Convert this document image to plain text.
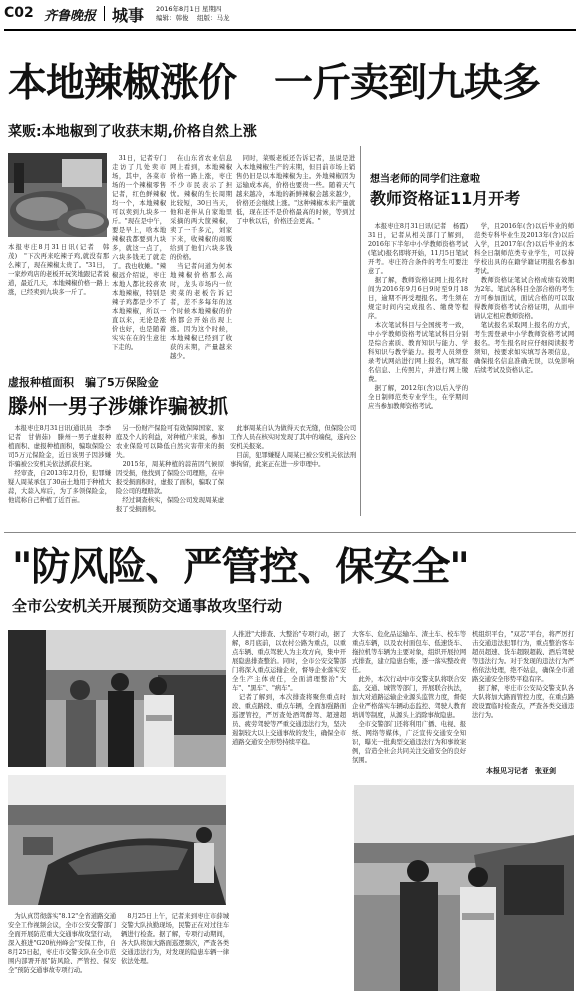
C02 齐鲁晚报 城事 2016年8月1日 星期四
编辑：韩俊 组版：马龙
本地辣椒涨价　一斤卖到九块多
菜贩:本地椒到了收获末期,价格自然上涨
本报枣庄8月31日讯(记者　韩茂)　"下次再来吃辣子鸡,就没有那么辣了，现在辣椒太贵了。"31日，一家炒鸡店的老板开玩笑地跟记者说道，最近几天，本地辣椒价格一路上涨，已经卖到九块多一斤了。
　31日，记者专门走访了几处卖市场，其中，各菜市场的一个辣椒零售记者，红色鲜辣椒均一个，本地辣椒可以卖到九块多一斤。"现在是中午，要是早上，啥本地辣椒我都要到九块多，就这一点了，六块多钱无了就走了。我也收摊。"辣椒远介绍说，枣庄本地人都比较喜欢本地辣椒，特别是辣子鸡都是少不了本地辣椒，所以一直以来，无论是涨价也好，也是随着实实在在的生意往下走的。
　在山东省农业信息网上看到，本地辣椒价格一路上涨，枣庄不少市民表示了担忧。辣椒的生长周期比较短，30日当天，他和老伴从自家地里采摘的两大筐辣椒，卖了一千多元，刘家下来，收辣椒的商贩给到了他们六块多钱的价格。
　当记者问道为何本地辣椒价格那么高时，龙头市场内一位卖菜的老板告诉记者，差不多每年的这个时候本地辣椒的价格都会开始出现上涨。因为这个时候，本地辣椒已经到了收获的末期，产量越来越少。
　同时，菜贩老板还告诉记者，虽说是进入本地辣椒生产的末期，但目前市场上销售仍旧是以本地辣椒为主。外地辣椒因为运输成本高，价格也要贵一些。随着天气越来越冷，本地的新鲜辣椒会越来越少，价格还会继续上涨。"这种辣椒本来产量就低，现在还不是价格最高的时候，等到过了中秋以后，价格还会更高。"
想当老师的同学们注意啦
教师资格证11月开考
　本报枣庄8月31日讯(记者　杨霞)　31日，记者从相关部门了解到，2016年下半年中小学教师资格考试(笔试)报名即将开始，11月5日笔试开考。枣庄符合条件的考生可要注意了。
　据了解，教师资格证网上报名时间为2016年9月6日9时至9月18日，逾期不再受理报名。考生须在规定时间内完成报名、缴费等程序。
　本次笔试科目与全国统考一致，中小学教师资格考试笔试科目分别是综合素质、教育知识与能力、学科知识与教学能力。报考人员须登录考试网站进行网上报名，填写报名信息、上传照片，并进行网上缴费。
　据了解，2012年(含)以后入学的全日制师范类专业学生，在学期间应当参加教师资格考试。
　学，且2016年(含)以后毕业的师范类专科毕业生及2013年(含)以后入学，且2017年(含)以后毕业的本科全日制师范类专业学生，可以持学校出具的在籍学籍证明报名参加考试。
　教师资格证笔试合格成绩有效期为2年。笔试各科目全部合格的考生方可参加面试，面试合格的可以取得教师资格考试合格证明，从而申请认定相应教师资格。
　笔试报名采取网上报名的方式，考生需登录中小学教师资格考试网报名。考生报名时应仔细阅读报考须知，按要求如实填写各项信息，确保报名信息准确无误，以免影响后续考试及资格认定。
虚报种植面积　骗了5万保险金
滕州一男子涉嫌诈骗被抓
　本报枣庄8月31日讯(通讯员　李季　记者　甘倩茹)　滕州一男子虚报种植面积、虚报种植面积，骗取保险公司5万元保险金，近日该男子因涉嫌诈骗被公安机关依法抓获归案。
　经审查，自2013年2月份，犯罪嫌疑人周某承包了30亩土地用于种植大蒜，大蒜入库后，为了多领保险金，他谎称自己种植了近百亩。
　另一份财产保险可有效保障国家、家庭及个人的利益，对种植户来说，参加农业保险可以降低自然灾害带来的损失。
　2015年，周某种植的蒜苗因气候原因受损，他找到了保险公司理赔，在申报受损面积时，虚报了面积，骗取了保险公司的理赔款。
　经过调查核实，保险公司发现周某虚报了受损面积。
　此事周某自认为做得天衣无缝，但保险公司工作人员在核实时发现了其中的端倪，遂向公安机关报案。
　目前，犯罪嫌疑人周某已被公安机关依法刑事拘留，此案正在进一步审理中。
"防风险、严管控、保安全"
全市公安机关开展预防交通事故攻坚行动
　为认真贯彻落实"8.12"全省道路交通安全工作视频会议，全市公安交警部门全面开展防范重大交通事故攻坚行动，深入推进"G20杭州峰会"安保工作，自8月25日起，枣庄市交警支队在全市范围内部署开展"防风险、严管控、保安全"预防交通事故专项行动。
　8月25日上午，记者来到枣庄市薛城交警大队执勤现场，民警正在对过往车辆进行检查。据了解，专项行动期间，各大队将加大路面巡逻频次，严查各类交通违法行为，对发现的隐患车辆一律依法处理。
人推进"大排查、大整治"专项行动，据了解，8月底前，以农村公路为重点，以重点车辆、重点驾驶人为主攻方向，集中开展隐患排查整治。同时，全市公安交警部门将深入重点运输企业，督导企业落实安全生产主体责任，全面清理整治"大车"、"黑车"、"病车"。
　记者了解到，本次排查将聚焦重点时段、重点路段、重点车辆，全面加强路面巡逻管控，严厉查处酒驾醉驾、超速超员、疲劳驾驶等严重交通违法行为，坚决遏制较大以上交通事故的发生，确保全市道路交通安全形势持续平稳。
大客车、危化品运输车、渣土车、校车等重点车辆，以及农村面包车、低速货车、拖拉机等车辆为主要对象，组织开展拉网式排查，建立隐患台账，逐一落实整改责任。
　此外，本次行动中市交警支队将联合安监、交通、城管等部门，开展联合执法，加大对道路运输企业源头监管力度，督促企业严格落实车辆动态监控、驾驶人教育培训等制度，从源头上消除事故隐患。
　全市交警部门还将利用广播、电视、报纸、网络等媒体，广泛宣传交通安全知识，曝光一批典型交通违法行为和事故案例，营造全社会共同关注交通安全的良好氛围。
机组织平台，"双芯"平台，将严厉打击交通违法犯罪行为，重点整治客车超员超速、货车超限超载、酒后驾驶等违法行为。对于发现的违法行为严格依法处理，绝不姑息，确保全市道路交通安全形势平稳有序。
　据了解，枣庄市公安局交警支队各大队将加大路面管控力度，在重点路段设置临时检查点，严查各类交通违法行为。
本报见习记者　张亚剑
